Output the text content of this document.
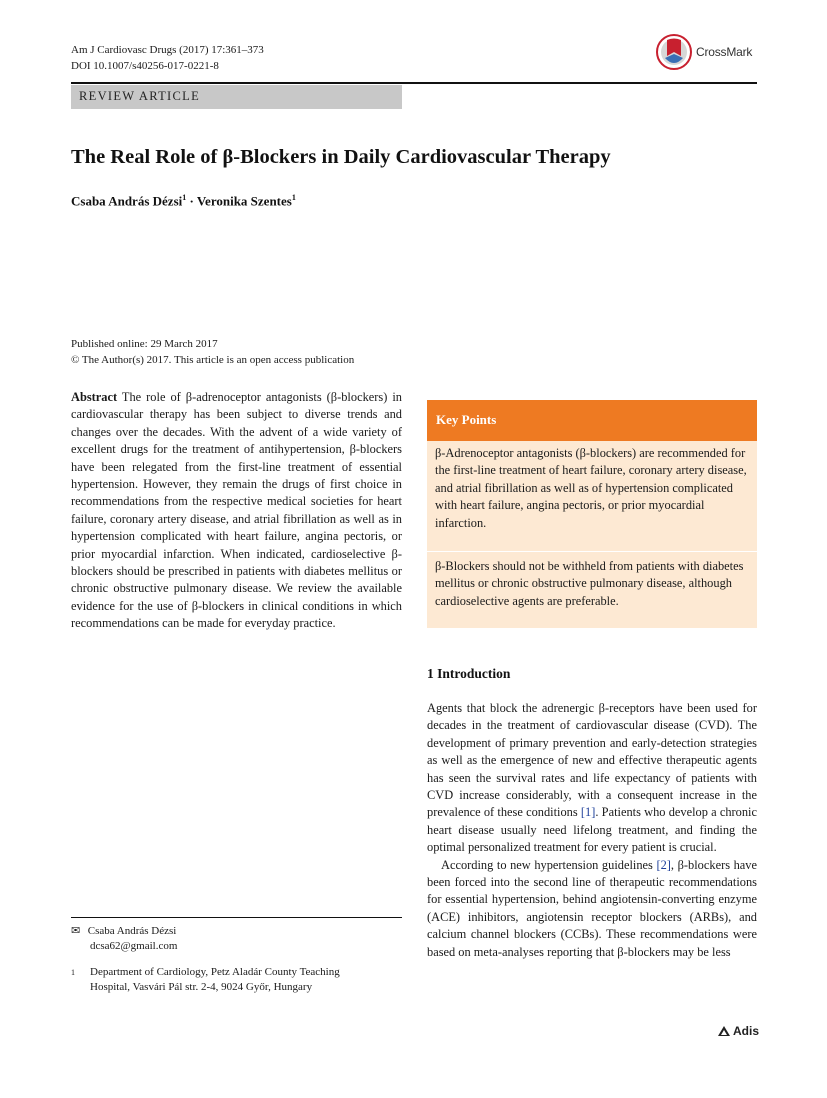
Am J Cardiovasc Drugs (2017) 17:361–373
DOI 10.1007/s40256-017-0221-8
CrossMark
REVIEW ARTICLE
The Real Role of β-Blockers in Daily Cardiovascular Therapy
Csaba András Dézsi$^1$ · Veronika Szentes$^1$
Published online: 29 March 2017
© The Author(s) 2017. This article is an open access publication
Abstract The role of β-adrenoceptor antagonists (β-blockers) in cardiovascular therapy has been subject to diverse trends and changes over the decades. With the advent of a wide variety of excellent drugs for the treatment of antihypertension, β-blockers have been relegated from the first-line treatment of essential hypertension. However, they remain the drugs of first choice in recommendations from the respective medical societies for heart failure, coronary artery disease, and atrial fibrillation as well as in hypertension complicated with heart failure, angina pectoris, or prior myocardial infarction. When indicated, cardioselective β-blockers should be prescribed in patients with diabetes mellitus or chronic obstructive pulmonary disease. We review the available evidence for the use of β-blockers in clinical conditions in which recommendations can be made for everyday practice.
Key Points
β-Adrenoceptor antagonists (β-blockers) are recommended for the first-line treatment of heart failure, coronary artery disease, and atrial fibrillation as well as of hypertension complicated with heart failure, angina pectoris, or prior myocardial infarction.
β-Blockers should not be withheld from patients with diabetes mellitus or chronic obstructive pulmonary disease, although cardioselective agents are preferable.
1 Introduction

Agents that block the adrenergic β-receptors have been used for decades in the treatment of cardiovascular disease (CVD). The development of primary prevention and early-detection strategies as well as the emergence of new and effective therapeutic agents has seen the survival rates and life expectancy of patients with CVD increase considerably, with a consequent increase in the prevalence of these conditions [1]. Patients who develop a chronic heart disease usually need lifelong treatment, and finding the optimal personalized treatment for every patient is crucial.

According to new hypertension guidelines [2], β-blockers have been forced into the second line of therapeutic recommendations for essential hypertension, behind angiotensin-converting enzyme (ACE) inhibitors, angiotensin receptor blockers (ARBs), and calcium channel blockers (CCBs). These recommendations were based on meta-analyses reporting that β-blockers may be less

✉ Csaba András Dézsi
dcsa62@gmail.com
1 Department of Cardiology, Petz Aladár County Teaching
Hospital, Vasvári Pál str. 2-4, 9024 Győr, Hungary
Adis
